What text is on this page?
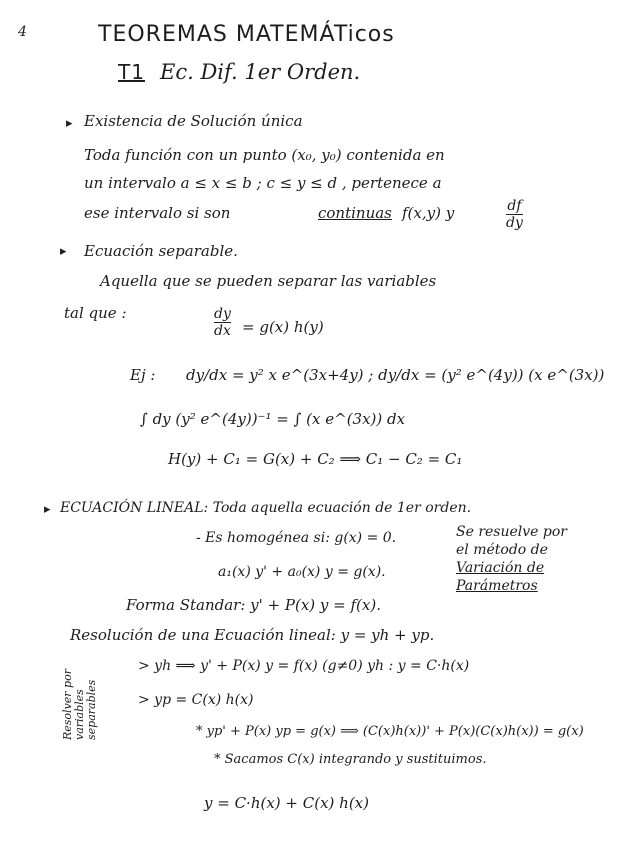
4	TEOREMAS MATEMÁTicos
T1 Ec. Dif. 1er Orden.
▸ Existencia de Solución única
Toda función con un punto (x₀, y₀) contenida en
un intervalo a ≤ x ≤ b ; c ≤ y ≤ d , pertenece a
ese intervalo si son	continuas f(x,y) y	df
dy
▸ Ecuación separable.
Aquella que se pueden separar las variables
tal que :	dy
dx = g(x) h(y)
Ej : dy/dx = y² x e^(3x+4y) ; dy/dx = (y² e^(4y)) (x e^(3x))
∫ dy (y² e^(4y))⁻¹ = ∫ (x e^(3x)) dx
H(y) + C₁ = G(x) + C₂ ⟹ C₁ − C₂ = C₁
▸ ECUACIÓN LINEAL: Toda aquella ecuación de 1er orden.
- Es homogénea si: g(x) = 0.	Se resuelve por
el método de
Variación de
Parámetros
a₁(x) y' + a₀(x) y = g(x).
Forma Standar: y' + P(x) y = f(x).
Resolución de una Ecuación lineal: y = yh + yp.
Resolver por variables separables
> yh ⟹ y' + P(x) y = f(x) (g≠0) yh : y = C·h(x)
> yp = C(x) h(x)
* yp' + P(x) yp = g(x) ⟹ (C(x)h(x))' + P(x)(C(x)h(x)) = g(x)
* Sacamos C(x) integrando y sustituimos.
y = C·h(x) + C(x) h(x)
